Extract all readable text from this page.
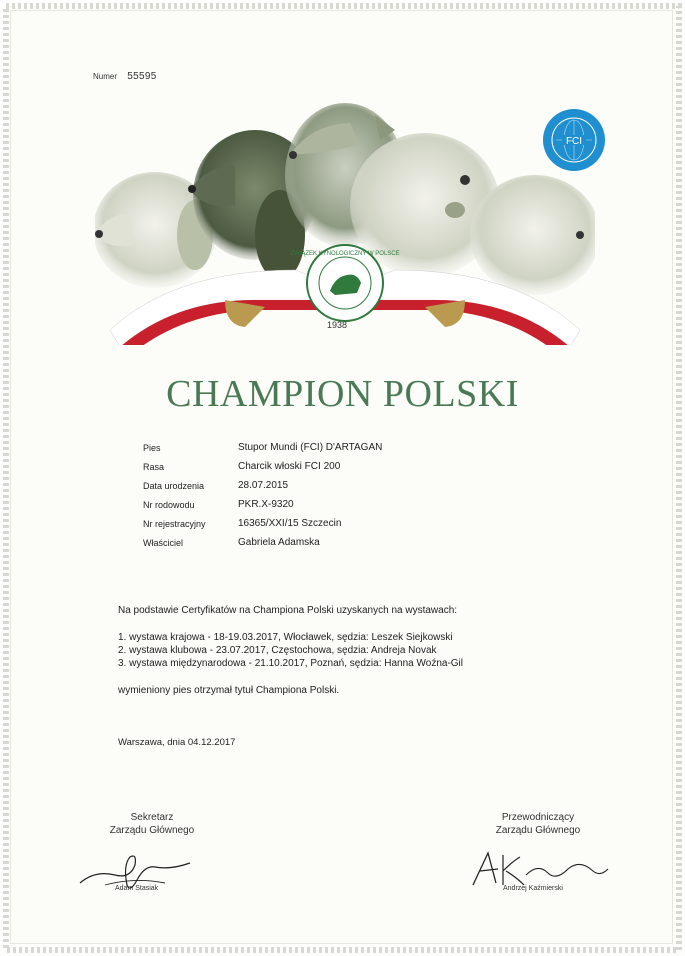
Numer 55595
ZWIĄZEK KYNOLOGICZNY W POLSCE
1938
FCI
CHAMPION POLSKI
Pies	Stupor Mundi (FCI) D'ARTAGAN
Rasa	Charcik włoski FCI 200
Data urodzenia	28.07.2015
Nr rodowodu	PKR.X-9320
Nr rejestracyjny	16365/XXI/15 Szczecin
Właściciel	Gabriela Adamska

Na podstawie Certyfikatów na Championa Polski uzyskanych na wystawach:

1. wystawa krajowa - 18-19.03.2017, Włocławek, sędzia: Leszek Siejkowski

2. wystawa klubowa - 23.07.2017, Częstochowa, sędzia: Andreja Novak

3. wystawa międzynarodowa - 21.10.2017, Poznań, sędzia: Hanna Woźna-Gil

wymieniony pies otrzymał tytuł Championa Polski.

Warszawa, dnia 04.12.2017
Sekretarz
Zarządu Głównego
Adam Stasiak
Przewodniczący
Zarządu Głównego
Andrzej Kaźmierski
